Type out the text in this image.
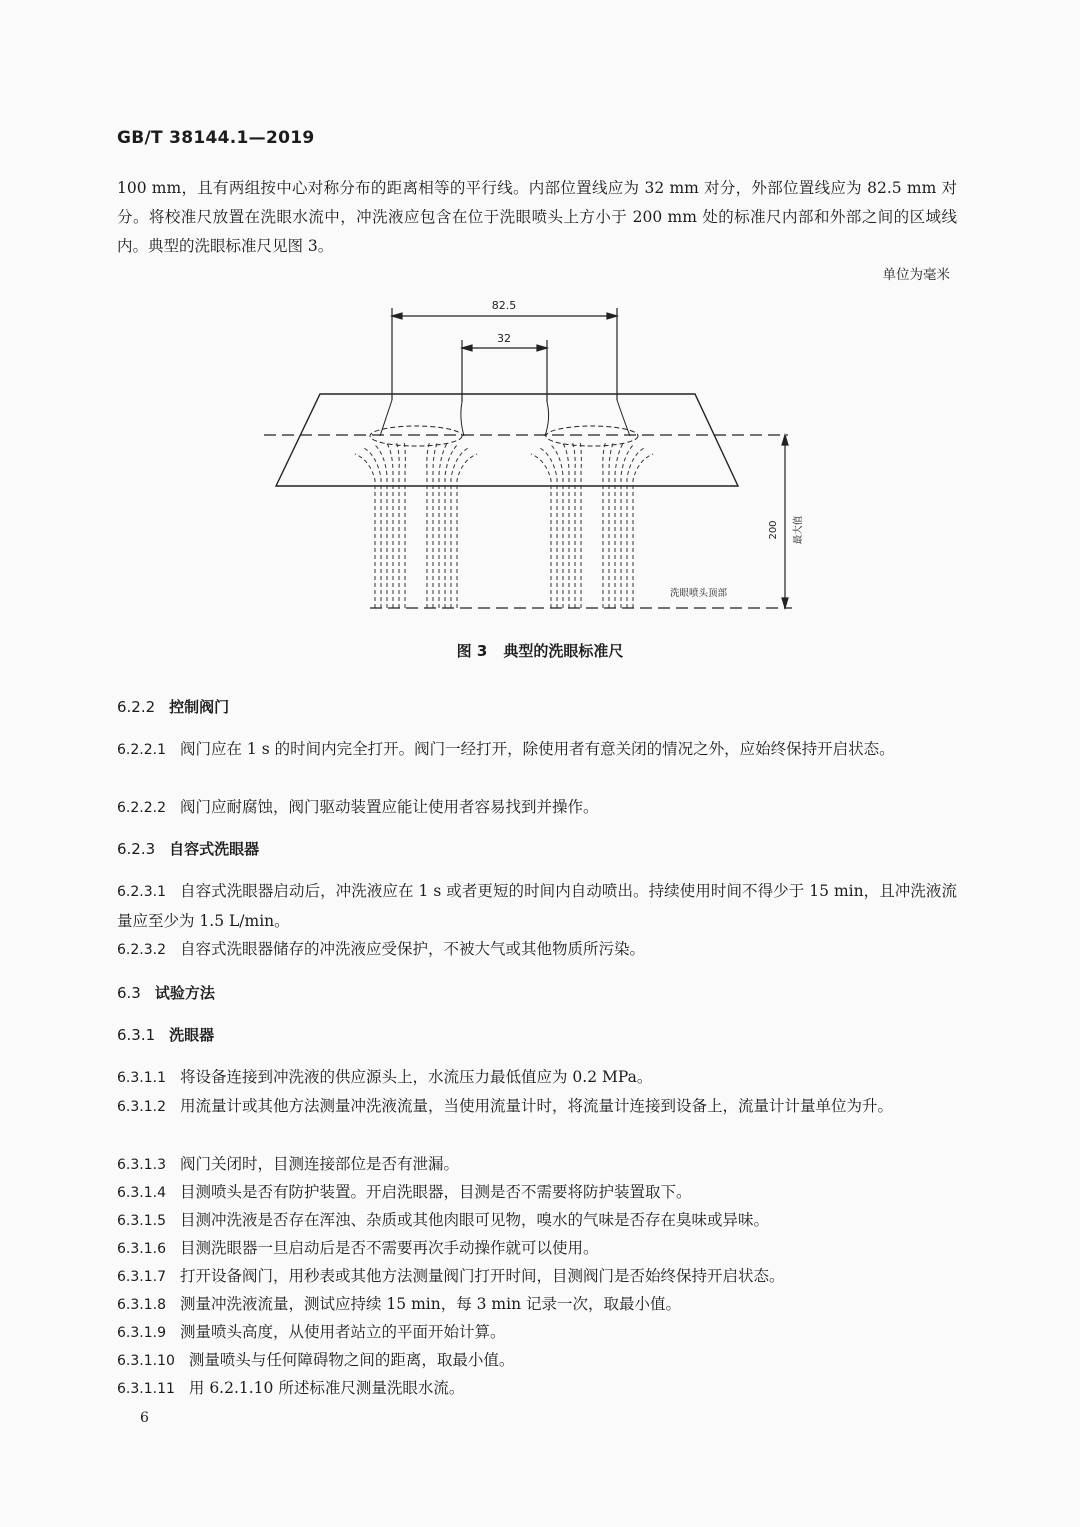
GB/T 38144.1—2019
100 mm，且有两组按中心对称分布的距离相等的平行线。内部位置线应为 32 mm 对分，外部位置线应为 82.5 mm 对分。将校准尺放置在洗眼水流中，冲洗液应包含在位于洗眼喷头上方小于 200 mm 处的标准尺内部和外部之间的区域线内。典型的洗眼标准尺见图 3。
单位为毫米
82.5
32
200 最大值
洗眼喷头顶部
图 3 典型的洗眼标准尺
6.2.2 控制阀门
6.2.2.1 阀门应在 1 s 的时间内完全打开。阀门一经打开，除使用者有意关闭的情况之外，应始终保持开启状态。
6.2.2.2 阀门应耐腐蚀，阀门驱动装置应能让使用者容易找到并操作。
6.2.3 自容式洗眼器
6.2.3.1 自容式洗眼器启动后，冲洗液应在 1 s 或者更短的时间内自动喷出。持续使用时间不得少于 15 min，且冲洗液流量应至少为 1.5 L/min。
6.2.3.2 自容式洗眼器储存的冲洗液应受保护，不被大气或其他物质所污染。
6.3 试验方法
6.3.1 洗眼器
6.3.1.1 将设备连接到冲洗液的供应源头上，水流压力最低值应为 0.2 MPa。
6.3.1.2 用流量计或其他方法测量冲洗液流量，当使用流量计时，将流量计连接到设备上，流量计计量单位为升。
6.3.1.3 阀门关闭时，目测连接部位是否有泄漏。
6.3.1.4 目测喷头是否有防护装置。开启洗眼器，目测是否不需要将防护装置取下。
6.3.1.5 目测冲洗液是否存在浑浊、杂质或其他肉眼可见物，嗅水的气味是否存在臭味或异味。
6.3.1.6 目测洗眼器一旦启动后是否不需要再次手动操作就可以使用。
6.3.1.7 打开设备阀门，用秒表或其他方法测量阀门打开时间，目测阀门是否始终保持开启状态。
6.3.1.8 测量冲洗液流量，测试应持续 15 min，每 3 min 记录一次，取最小值。
6.3.1.9 测量喷头高度，从使用者站立的平面开始计算。
6.3.1.10 测量喷头与任何障碍物之间的距离，取最小值。
6.3.1.11 用 6.2.1.10 所述标准尺测量洗眼水流。
6
